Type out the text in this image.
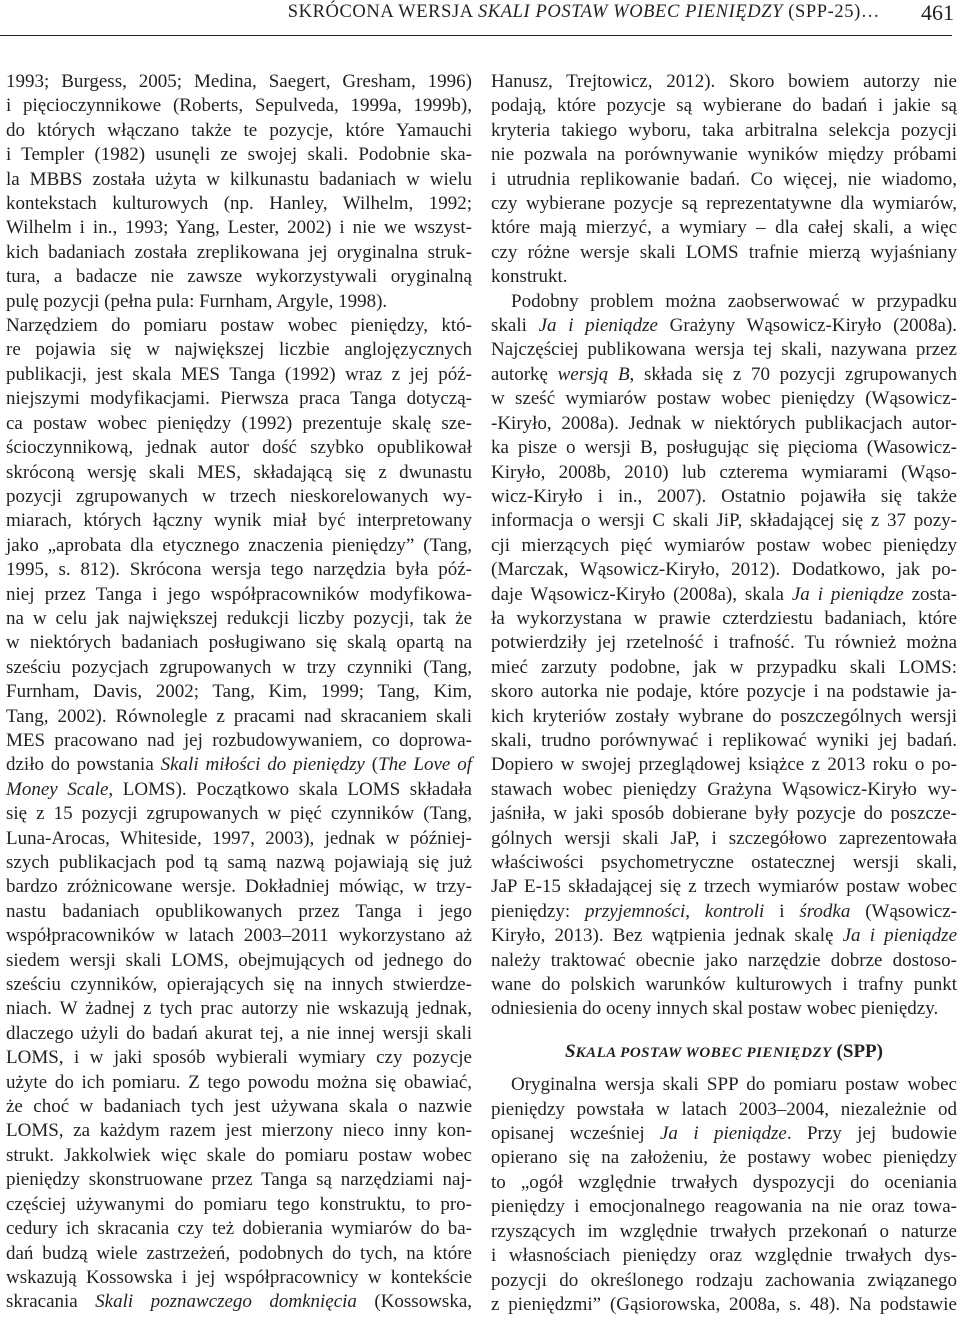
SKRÓCONA WERSJA SKALI POSTAW WOBEC PIENIĘDZY (SPP-25)… 461
1993; Burgess, 2005; Medina, Saegert, Gresham, 1996)
i pięcioczynnikowe (Roberts, Sepulveda, 1999a, 1999b),
do których włączano także te pozycje, które Yamauchi
i Templer (1982) usunęli ze swojej skali. Podobnie ska-
la MBBS została użyta w kilkunastu badaniach w wielu
kontekstach kulturowych (np. Hanley, Wilhelm, 1992;
Wilhelm i in., 1993; Yang, Lester, 2002) i nie we wszyst-
kich badaniach została zreplikowana jej oryginalna struk-
tura, a badacze nie zawsze wykorzystywali oryginalną
pulę pozycji (pełna pula: Furnham, Argyle, 1998).
Narzędziem do pomiaru postaw wobec pieniędzy, któ-
re pojawia się w największej liczbie anglojęzycznych
publikacji, jest skala MES Tanga (1992) wraz z jej póź-
niejszymi modyfikacjami. Pierwsza praca Tanga dotyczą-
ca postaw wobec pieniędzy (1992) prezentuje skalę sze-
ścioczynnikową, jednak autor dość szybko opublikował
skróconą wersję skali MES, składającą się z dwunastu
pozycji zgrupowanych w trzech nieskorelowanych wy-
miarach, których łączny wynik miał być interpretowany
jako „aprobata dla etycznego znaczenia pieniędzy” (Tang,
1995, s. 812). Skrócona wersja tego narzędzia była póź-
niej przez Tanga i jego współpracowników modyfikowa-
na w celu jak największej redukcji liczby pozycji, tak że
w niektórych badaniach posługiwano się skalą opartą na
sześciu pozycjach zgrupowanych w trzy czynniki (Tang,
Furnham, Davis, 2002; Tang, Kim, 1999; Tang, Kim,
Tang, 2002). Równolegle z pracami nad skracaniem skali
MES pracowano nad jej rozbudowywaniem, co doprowa-
dziło do powstania Skali miłości do pieniędzy (The Love of
Money Scale, LOMS). Początkowo skala LOMS składała
się z 15 pozycji zgrupowanych w pięć czynników (Tang,
Luna-Arocas, Whiteside, 1997, 2003), jednak w później-
szych publikacjach pod tą samą nazwą pojawiają się już
bardzo zróżnicowane wersje. Dokładniej mówiąc, w trzy-
nastu badaniach opublikowanych przez Tanga i jego
współpracowników w latach 2003–2011 wykorzystano aż
siedem wersji skali LOMS, obejmujących od jednego do
sześciu czynników, opierających się na innych stwierdze-
niach. W żadnej z tych prac autorzy nie wskazują jednak,
dlaczego użyli do badań akurat tej, a nie innej wersji skali
LOMS, i w jaki sposób wybierali wymiary czy pozycje
użyte do ich pomiaru. Z tego powodu można się obawiać,
że choć w badaniach tych jest używana skala o nazwie
LOMS, za każdym razem jest mierzony nieco inny kon-
strukt. Jakkolwiek więc skale do pomiaru postaw wobec
pieniędzy skonstruowane przez Tanga są narzędziami naj-
częściej używanymi do pomiaru tego konstruktu, to pro-
cedury ich skracania czy też dobierania wymiarów do ba-
dań budzą wiele zastrzeżeń, podobnych do tych, na które
wskazują Kossowska i jej współpracownicy w kontekście
skracania Skali poznawczego domknięcia (Kossowska,
Hanusz, Trejtowicz, 2012). Skoro bowiem autorzy nie
podają, które pozycje są wybierane do badań i jakie są
kryteria takiego wyboru, taka arbitralna selekcja pozycji
nie pozwala na porównywanie wyników między próbami
i utrudnia replikowanie badań. Co więcej, nie wiadomo,
czy wybierane pozycje są reprezentatywne dla wymiarów,
które mają mierzyć, a wymiary – dla całej skali, a więc
czy różne wersje skali LOMS trafnie mierzą wyjaśniany
konstrukt.
Podobny problem można zaobserwować w przypadku
skali Ja i pieniądze Grażyny Wąsowicz-Kiryło (2008a).
Najczęściej publikowana wersja tej skali, nazywana przez
autorkę wersją B, składa się z 70 pozycji zgrupowanych
w sześć wymiarów postaw wobec pieniędzy (Wąsowicz-
-Kiryło, 2008a). Jednak w niektórych publikacjach autor-
ka pisze o wersji B, posługując się pięcioma (Wasowicz-
Kiryło, 2008b, 2010) lub czterema wymiarami (Wąso-
wicz-Kiryło i in., 2007). Ostatnio pojawiła się także
informacja o wersji C skali JiP, składającej się z 37 pozy-
cji mierzących pięć wymiarów postaw wobec pieniędzy
(Marczak, Wąsowicz-Kiryło, 2012). Dodatkowo, jak po-
daje Wąsowicz-Kiryło (2008a), skala Ja i pieniądze zosta-
ła wykorzystana w prawie czterdziestu badaniach, które
potwierdziły jej rzetelność i trafność. Tu również można
mieć zarzuty podobne, jak w przypadku skali LOMS:
skoro autorka nie podaje, które pozycje i na podstawie ja-
kich kryteriów zostały wybrane do poszczególnych wersji
skali, trudno porównywać i replikować wyniki jej badań.
Dopiero w swojej przeglądowej książce z 2013 roku o po-
stawach wobec pieniędzy Grażyna Wąsowicz-Kiryło wy-
jaśniła, w jaki sposób dobierane były pozycje do poszcze-
gólnych wersji skali JaP, i szczegółowo zaprezentowała
właściwości psychometryczne ostatecznej wersji skali,
JaP E-15 składającej się z trzech wymiarów postaw wobec
pieniędzy: przyjemności, kontroli i środka (Wąsowicz-
Kiryło, 2013). Bez wątpienia jednak skalę Ja i pieniądze
należy traktować obecnie jako narzędzie dobrze dostoso-
wane do polskich warunków kulturowych i trafny punkt
odniesienia do oceny innych skal postaw wobec pieniędzy.
SKALA POSTAW WOBEC PIENIĘDZY (SPP)
Oryginalna wersja skali SPP do pomiaru postaw wobec
pieniędzy powstała w latach 2003–2004, niezależnie od
opisanej wcześniej Ja i pieniądze. Przy jej budowie
opierano się na założeniu, że postawy wobec pieniędzy
to „ogół względnie trwałych dyspozycji do oceniania
pieniędzy i emocjonalnego reagowania na nie oraz towa-
rzyszących im względnie trwałych przekonań o naturze
i własnościach pieniędzy oraz względnie trwałych dys-
pozycji do określonego rodzaju zachowania związanego
z pieniędzmi” (Gąsiorowska, 2008a, s. 48). Na podstawie
